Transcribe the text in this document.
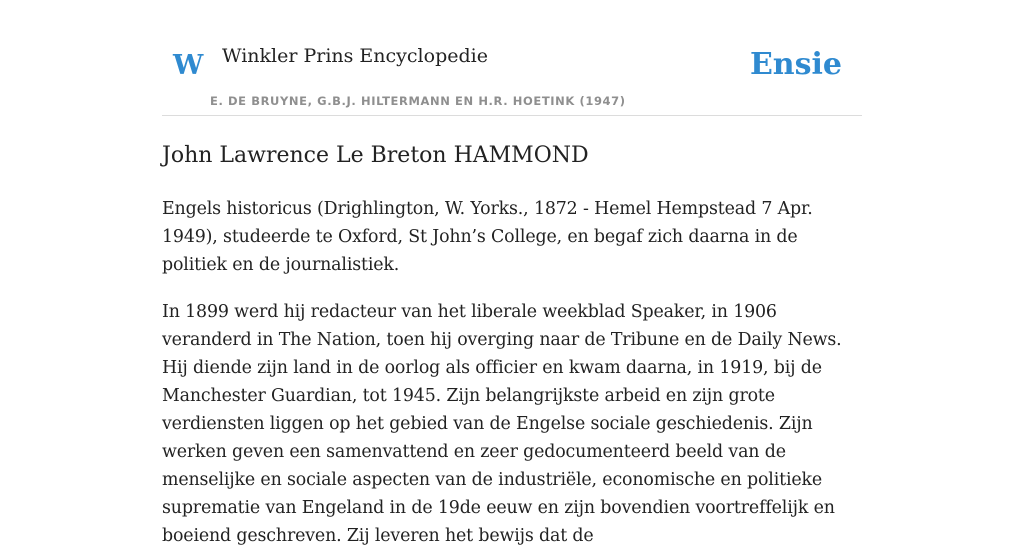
W Winkler Prins Encyclopedie
E. DE BRUYNE, G.B.J. HILTERMANN EN H.R. HOETINK (1947)
Ensie
John Lawrence Le Breton HAMMOND

Engels historicus (Drighlington, W. Yorks., 1872 - Hemel Hempstead 7 Apr. 1949), studeerde te Oxford, St John’s College, en begaf zich daarna in de politiek en de journalistiek.

In 1899 werd hij redacteur van het liberale weekblad Speaker, in 1906 veranderd in The Nation, toen hij overging naar de Tribune en de Daily News. Hij diende zijn land in de oorlog als officier en kwam daarna, in 1919, bij de Manchester Guardian, tot 1945. Zijn belangrijkste arbeid en zijn grote verdiensten liggen op het gebied van de Engelse sociale geschiedenis. Zijn werken geven een samenvattend en zeer gedocumenteerd beeld van de menselijke en sociale aspecten van de industriële, economische en politieke suprematie van Engeland in de 19de eeuw en zijn bovendien voortreffelijk en boeiend geschreven. Zij leveren het bewijs dat de
